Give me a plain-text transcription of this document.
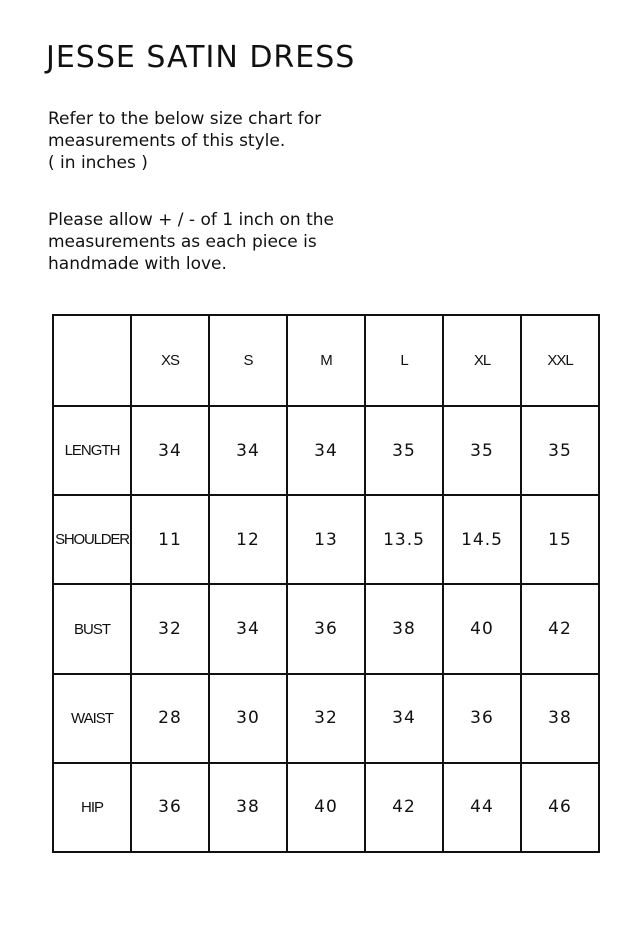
JESSE SATIN DRESS

Refer to the below size chart for
measurements of this style.
( in inches )

Please allow + / - of 1 inch on the
measurements as each piece is
handmade with love.

	XS	S	M	L	XL	XXL
LENGTH	34	34	34	35	35	35
SHOULDER	11	12	13	13.5	14.5	15
BUST	32	34	36	38	40	42
WAIST	28	30	32	34	36	38
HIP	36	38	40	42	44	46
